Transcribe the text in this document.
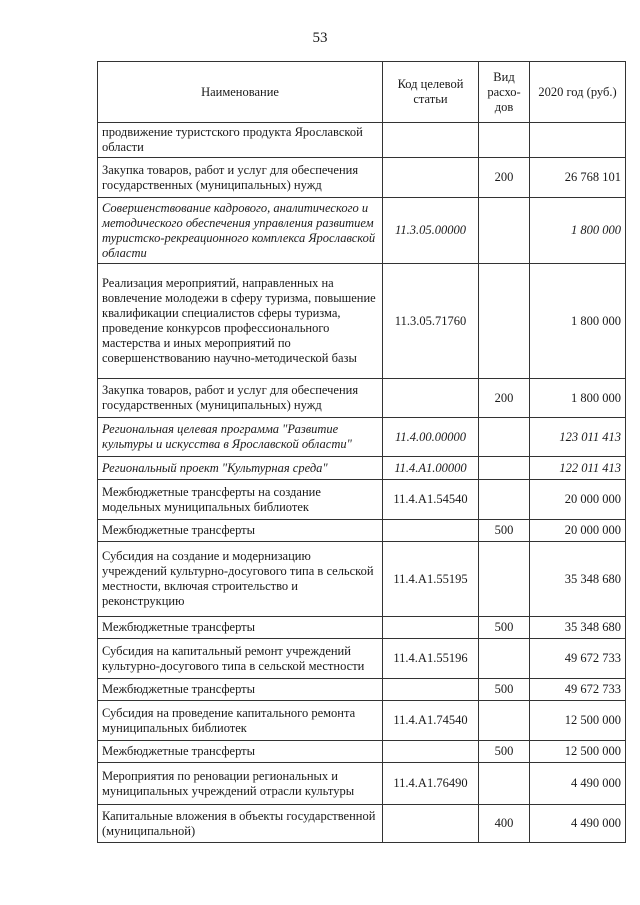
53
Наименование	Код целевой статьи	Вид расхо-дов	2020 год (руб.)
продвижение туристского продукта Ярославской области			
Закупка товаров, работ и услуг для обеспечения государственных (муниципальных) нужд		200	26 768 101
Совершенствование кадрового, аналитического и методического обеспечения управления развитием туристско-рекреационного комплекса Ярославской области	11.3.05.00000		1 800 000
Реализация мероприятий, направленных на вовлечение молодежи в сферу туризма, повышение квалификации специалистов сферы туризма, проведение конкурсов профессионального мастерства и иных мероприятий по совершенствованию научно-методической базы	11.3.05.71760		1 800 000
Закупка товаров, работ и услуг для обеспечения государственных (муниципальных) нужд		200	1 800 000
Региональная целевая программа "Развитие культуры и искусства в Ярославской области"	11.4.00.00000		123 011 413
Региональный проект "Культурная среда"	11.4.A1.00000		122 011 413
Межбюджетные трансферты на создание модельных муниципальных библиотек	11.4.A1.54540		20 000 000
Межбюджетные трансферты		500	20 000 000
Субсидия на создание и модернизацию учреждений культурно-досугового типа в сельской местности, включая строительство и реконструкцию	11.4.A1.55195		35 348 680
Межбюджетные трансферты		500	35 348 680
Субсидия на капитальный ремонт учреждений культурно-досугового типа в сельской местности	11.4.A1.55196		49 672 733
Межбюджетные трансферты		500	49 672 733
Субсидия на проведение капитального ремонта муниципальных библиотек	11.4.A1.74540		12 500 000
Межбюджетные трансферты		500	12 500 000
Мероприятия по реновации региональных и муниципальных учреждений отрасли культуры	11.4.A1.76490		4 490 000
Капитальные вложения в объекты государственной (муниципальной)		400	4 490 000
